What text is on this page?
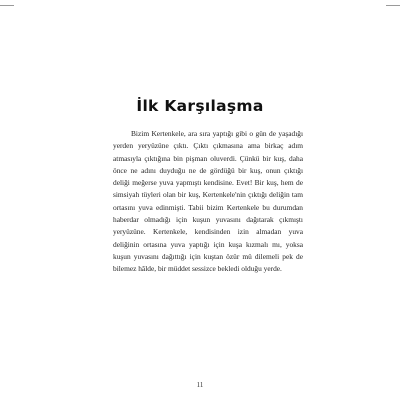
İlk Karşılaşma

Bizim Kertenkele, ara sıra yaptığı gibi o gün de yaşadığı yerden yeryüzüne çıktı. Çıktı çıkmasına ama birkaç adım atmasıyla çıktığına bin pişman oluverdi. Çünkü bir kuş, daha önce ne adını duyduğu ne de gördüğü bir kuş, onun çıktığı deliği meğerse yuva yapmıştı kendisine. Evet! Bir kuş, hem de simsiyah tüyleri olan bir kuş, Kertenkele'nin çıktığı deliğin tam ortasını yuva edinmişti. Tabii bizim Kertenkele bu durumdan haberdar olmadığı için kuşun yuvasını dağıtarak çıkmıştı yeryüzüne. Kertenkele, kendisinden izin almadan yuva deliğinin ortasına yuva yaptığı için kuşa kızmalı mı, yoksa kuşun yuvasını dağıttığı için kuştan özür mü dilemeli pek de bilemez hâlde, bir müddet sessizce bekledi olduğu yerde.

11
